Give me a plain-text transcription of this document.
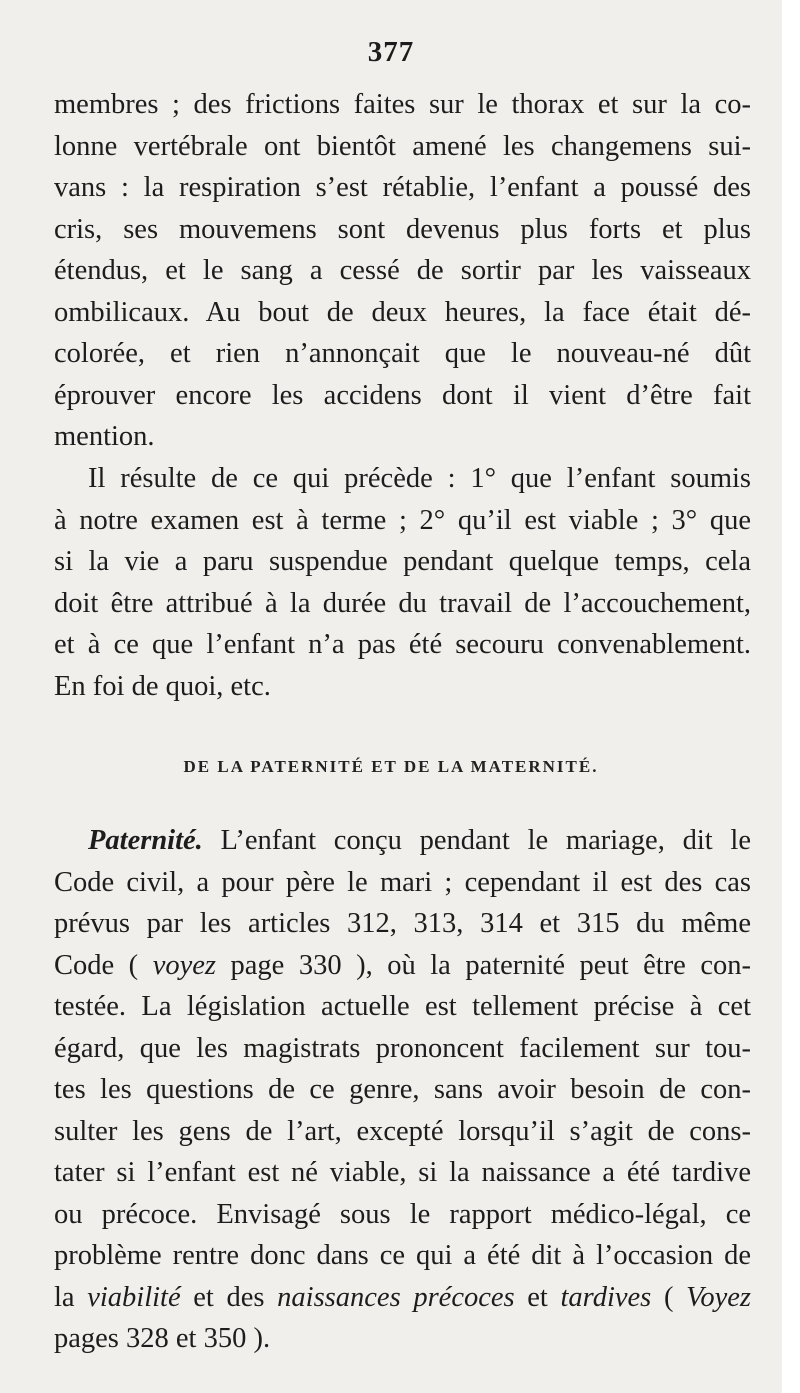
377
membres ; des frictions faites sur le thorax et sur la co-
lonne vertébrale ont bientôt amené les changemens sui-
vans : la respiration s’est rétablie, l’enfant a poussé des
cris, ses mouvemens sont devenus plus forts et plus
étendus, et le sang a cessé de sortir par les vaisseaux
ombilicaux. Au bout de deux heures, la face était dé-
colorée, et rien n’annonçait que le nouveau-né dût
éprouver encore les accidens dont il vient d’être fait
mention.
Il résulte de ce qui précède : 1° que l’enfant soumis
à notre examen est à terme ; 2° qu’il est viable ; 3° que
si la vie a paru suspendue pendant quelque temps, cela
doit être attribué à la durée du travail de l’accouchement,
et à ce que l’enfant n’a pas été secouru convenablement.
En foi de quoi, etc.
DE LA PATERNITÉ ET DE LA MATERNITÉ.
Paternité. L’enfant conçu pendant le mariage, dit le
Code civil, a pour père le mari ; cependant il est des cas
prévus par les articles 312, 313, 314 et 315 du même
Code ( voyez page 330 ), où la paternité peut être con-
testée. La législation actuelle est tellement précise à cet
égard, que les magistrats prononcent facilement sur tou-
tes les questions de ce genre, sans avoir besoin de con-
sulter les gens de l’art, excepté lorsqu’il s’agit de cons-
tater si l’enfant est né viable, si la naissance a été tardive
ou précoce. Envisagé sous le rapport médico-légal, ce
problème rentre donc dans ce qui a été dit à l’occasion de
la viabilité et des naissances précoces et tardives ( Voyez
pages 328 et 350 ).
